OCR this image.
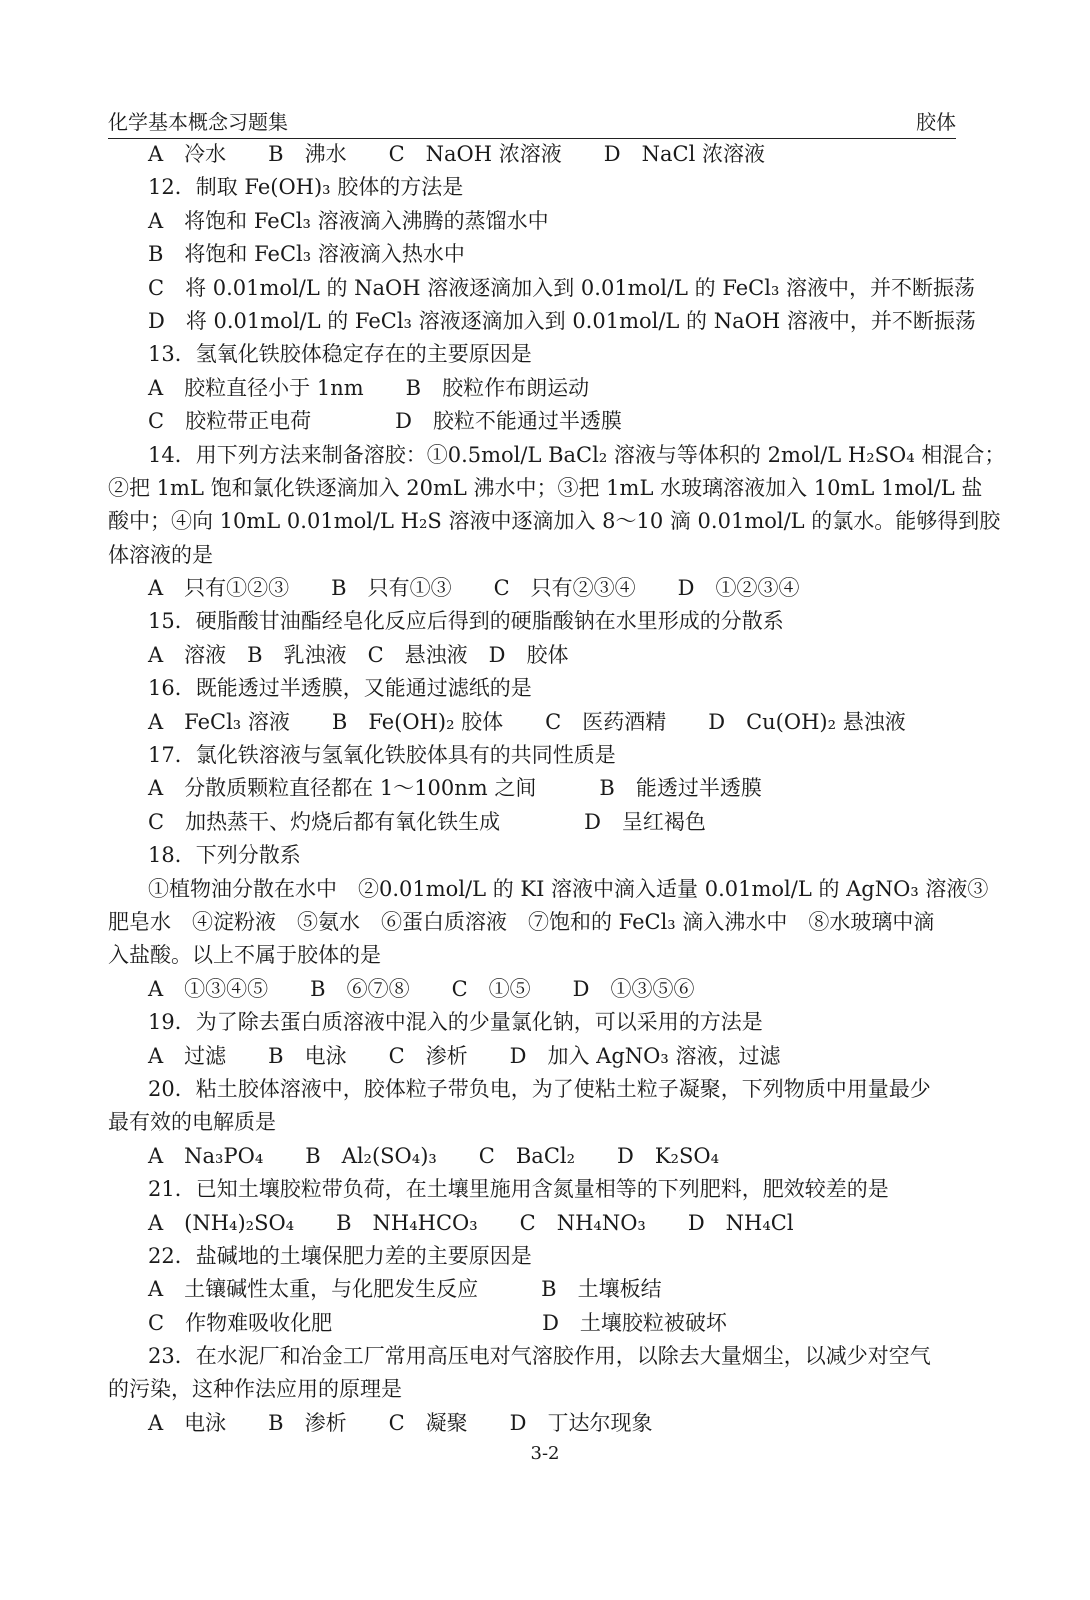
化学基本概念习题集	胶体
A　冷水　　B　沸水　　C　NaOH 浓溶液　　D　NaCl 浓溶液
12．制取 Fe(OH)₃ 胶体的方法是
A　将饱和 FeCl₃ 溶液滴入沸腾的蒸馏水中
B　将饱和 FeCl₃ 溶液滴入热水中
C　将 0.01mol/L 的 NaOH 溶液逐滴加入到 0.01mol/L 的 FeCl₃ 溶液中，并不断振荡
D　将 0.01mol/L 的 FeCl₃ 溶液逐滴加入到 0.01mol/L 的 NaOH 溶液中，并不断振荡
13．氢氧化铁胶体稳定存在的主要原因是
A　胶粒直径小于 1nm　　B　胶粒作布朗运动
C　胶粒带正电荷　　　　D　胶粒不能通过半透膜
14．用下列方法来制备溶胶：①0.5mol/L BaCl₂ 溶液与等体积的 2mol/L H₂SO₄ 相混合；
②把 1mL 饱和氯化铁逐滴加入 20mL 沸水中；③把 1mL 水玻璃溶液加入 10mL 1mol/L 盐
酸中；④向 10mL 0.01mol/L H₂S 溶液中逐滴加入 8～10 滴 0.01mol/L 的氯水。能够得到胶
体溶液的是
A　只有①②③　　B　只有①③　　C　只有②③④　　D　①②③④
15．硬脂酸甘油酯经皂化反应后得到的硬脂酸钠在水里形成的分散系
A　溶液　B　乳浊液　C　悬浊液　D　胶体
16．既能透过半透膜，又能通过滤纸的是
A　FeCl₃ 溶液　　B　Fe(OH)₂ 胶体　　C　医药酒精　　D　Cu(OH)₂ 悬浊液
17．氯化铁溶液与氢氧化铁胶体具有的共同性质是
A　分散质颗粒直径都在 1～100nm 之间　　　B　能透过半透膜
C　加热蒸干、灼烧后都有氧化铁生成　　　　D　呈红褐色
18．下列分散系
①植物油分散在水中　②0.01mol/L 的 KI 溶液中滴入适量 0.01mol/L 的 AgNO₃ 溶液③
肥皂水　④淀粉液　⑤氨水　⑥蛋白质溶液　⑦饱和的 FeCl₃ 滴入沸水中　⑧水玻璃中滴
入盐酸。以上不属于胶体的是
A　①③④⑤　　B　⑥⑦⑧　　C　①⑤　　D　①③⑤⑥
19．为了除去蛋白质溶液中混入的少量氯化钠，可以采用的方法是
A　过滤　　B　电泳　　C　渗析　　D　加入 AgNO₃ 溶液，过滤
20．粘土胶体溶液中，胶体粒子带负电，为了使粘土粒子凝聚，下列物质中用量最少
最有效的电解质是
A　Na₃PO₄　　B　Al₂(SO₄)₃　　C　BaCl₂　　D　K₂SO₄
21．已知土壤胶粒带负荷，在土壤里施用含氮量相等的下列肥料，肥效较差的是
A　(NH₄)₂SO₄　　B　NH₄HCO₃　　C　NH₄NO₃　　D　NH₄Cl
22．盐碱地的土壤保肥力差的主要原因是
A　土镶碱性太重，与化肥发生反应　　　B　土壤板结
C　作物难吸收化肥　　　　　　　　　　D　土壤胶粒被破坏
23．在水泥厂和冶金工厂常用高压电对气溶胶作用，以除去大量烟尘，以减少对空气
的污染，这种作法应用的原理是
A　电泳　　B　渗析　　C　凝聚　　D　丁达尔现象
3-2
